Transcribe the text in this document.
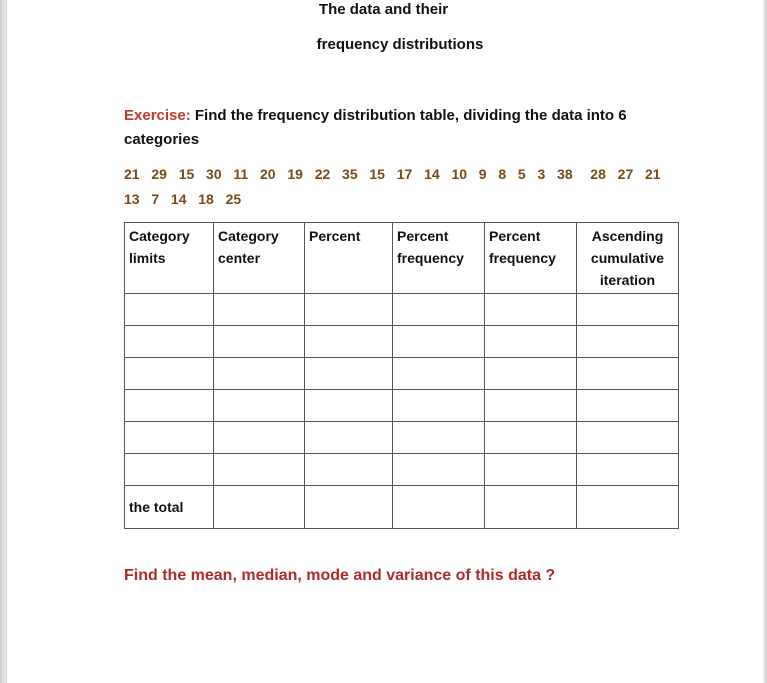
The data and their
frequency distributions
Exercise: Find the frequency distribution table, dividing the data into 6 categories
21  29  15  30  11  20  19  22  35  15  17  14  10  9  8  5  3  38   28  27  21
13  7  14  18  25
Category limits	Category center	Percent	Percent frequency	Percent frequency	Ascending cumulative iteration

the total					
Find the mean, median, mode and variance of this data ?
